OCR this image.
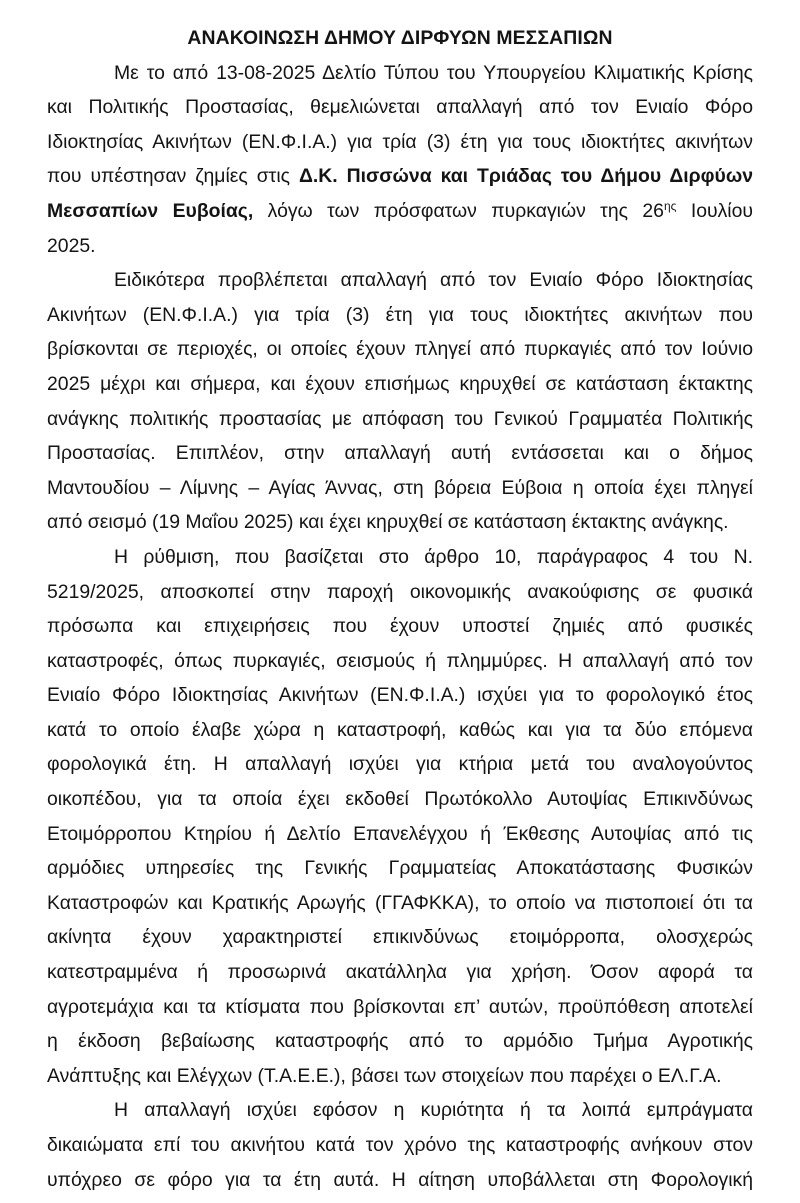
ΑΝΑΚΟΙΝΩΣΗ ΔΗΜΟΥ ΔΙΡΦΥΩΝ ΜΕΣΣΑΠΙΩΝ
Με το από 13-08-2025 Δελτίο Τύπου του Υπουργείου Κλιματικής Κρίσης
και Πολιτικής Προστασίας, θεμελιώνεται απαλλαγή από τον Ενιαίο Φόρο
Ιδιοκτησίας Ακινήτων (ΕΝ.Φ.Ι.Α.) για τρία (3) έτη για τους ιδιοκτήτες ακινήτων
που υπέστησαν ζημίες στις Δ.Κ. Πισσώνα και Τριάδας του Δήμου Διρφύων
Μεσσαπίων Ευβοίας, λόγω των πρόσφατων πυρκαγιών της $26^{\eta\varsigma}$ Ιουλίου
2025.
Ειδικότερα προβλέπεται απαλλαγή από τον Ενιαίο Φόρο Ιδιοκτησίας
Ακινήτων (ΕΝ.Φ.Ι.Α.) για τρία (3) έτη για τους ιδιοκτήτες ακινήτων που
βρίσκονται σε περιοχές, οι οποίες έχουν πληγεί από πυρκαγιές από τον Ιούνιο
2025 μέχρι και σήμερα, και έχουν επισήμως κηρυχθεί σε κατάσταση έκτακτης
ανάγκης πολιτικής προστασίας με απόφαση του Γενικού Γραμματέα Πολιτικής
Προστασίας. Επιπλέον, στην απαλλαγή αυτή εντάσσεται και ο δήμος
Μαντουδίου – Λίμνης – Αγίας Άννας, στη βόρεια Εύβοια η οποία έχει πληγεί
από σεισμό (19 Μαΐου 2025) και έχει κηρυχθεί σε κατάσταση έκτακτης ανάγκης.
Η ρύθμιση, που βασίζεται στο άρθρο 10, παράγραφος 4 του Ν.
5219/2025, αποσκοπεί στην παροχή οικονομικής ανακούφισης σε φυσικά
πρόσωπα και επιχειρήσεις που έχουν υποστεί ζημιές από φυσικές
καταστροφές, όπως πυρκαγιές, σεισμούς ή πλημμύρες. Η απαλλαγή από τον
Ενιαίο Φόρο Ιδιοκτησίας Ακινήτων (ΕΝ.Φ.Ι.Α.) ισχύει για το φορολογικό έτος
κατά το οποίο έλαβε χώρα η καταστροφή, καθώς και για τα δύο επόμενα
φορολογικά έτη. Η απαλλαγή ισχύει για κτήρια μετά του αναλογούντος
οικοπέδου, για τα οποία έχει εκδοθεί Πρωτόκολλο Αυτοψίας Επικινδύνως
Ετοιμόρροπου Κτηρίου ή Δελτίο Επανελέγχου ή Έκθεσης Αυτοψίας από τις
αρμόδιες υπηρεσίες της Γενικής Γραμματείας Αποκατάστασης Φυσικών
Καταστροφών και Κρατικής Αρωγής (ΓΓΑΦΚΚΑ), το οποίο να πιστοποιεί ότι τα
ακίνητα έχουν χαρακτηριστεί επικινδύνως ετοιμόρροπα, ολοσχερώς
κατεστραμμένα ή προσωρινά ακατάλληλα για χρήση. Όσον αφορά τα
αγροτεμάχια και τα κτίσματα που βρίσκονται επ’ αυτών, προϋπόθεση αποτελεί
η έκδοση βεβαίωσης καταστροφής από το αρμόδιο Τμήμα Αγροτικής
Ανάπτυξης και Ελέγχων (Τ.Α.Ε.Ε.), βάσει των στοιχείων που παρέχει ο ΕΛ.Γ.Α.
Η απαλλαγή ισχύει εφόσον η κυριότητα ή τα λοιπά εμπράγματα
δικαιώματα επί του ακινήτου κατά τον χρόνο της καταστροφής ανήκουν στον
υπόχρεο σε φόρο για τα έτη αυτά. Η αίτηση υποβάλλεται στη Φορολογική
